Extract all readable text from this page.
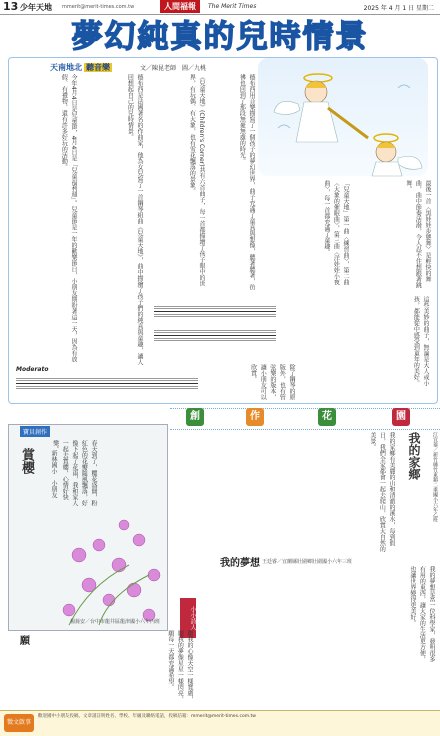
13 少年天地 mmerit@merit-times.com.tw	人間福報	The Merit Times	2025 年 4 月 1 日 星期二
夢幻純真的兒時情景
天南地北 聽音樂	文／陳昆老師　圖／九桃
今年4月4日是兒童節，4月4日是「兒童福利週」。兒童節是一年的歡樂節日，小朋友期盼著這一天，因為有放假、有禮物，還有許多好玩的活動。	德布西是法國著名的作曲家，他為女兒寫了一首鋼琴組曲《兒童天地》，曲中描繪了孩子們的純真與童趣，讓人回想起自己的兒時情景。	《兒童天地》(Children's Corner)共有六首曲子，每一首都描繪了孩子眼中的世界，有玩偶、有大象，也有雪花飄落的景象。	德布西用音樂描寫了一個孩子的夢幻世界，曲子充滿了童真與想像，聽著聽著，彷彿也回到了那段無憂無慮的時光。
「兒童天地」第一曲〈練習曲〉，第二曲〈大象的催眠曲〉，第三曲〈洋娃娃小夜曲〉，每一首都充滿了童趣。	最後一首〈黑娃娃步態舞〉是輕快的舞曲，曲中節奏活潑，令人忍不住想跟著跳舞。
Moderato	除了鋼琴的原版外，也有管弦樂的版本，讓小朋友可以欣賞。	這些美妙的曲子，無論是大人或小孩，都能從中感受到童年的美好。
創	作	花	園
寶貝創作
賞櫻	新林國小　小朋友	春天到了，櫻花盛開，粉紅色的花瓣隨風飄落，好像下起了花雨，我和家人一起去賞櫻，心情好快樂。	我的家鄉有美麗的山和清澈的溪水，每到假日，我們全家都會一起去爬山，欣賞大自然的美景。	我的家鄉	江宜蓁／新竹縣竹東鎮二重國小六年乙班
我的夢想 王廷睿／宜蘭縣壯圍鄉壯圍國小六年三班
我的夢想是當一位科學家，發明很多有用的東西，讓大家的生活更方便，也讓世界變得更美好。
小小詩人
願
楊蕎安／台中市龍井區龍津國小六年丙班
願我的心像天空一樣寬廣，願我的夢像星星一樣閃亮，願每一天都充滿希望。
徵文啟事
歡迎國中小朋友投稿，文章請註明姓名、學校、年級及聯絡電話，投稿信箱：mmerit@merit-times.com.tw
